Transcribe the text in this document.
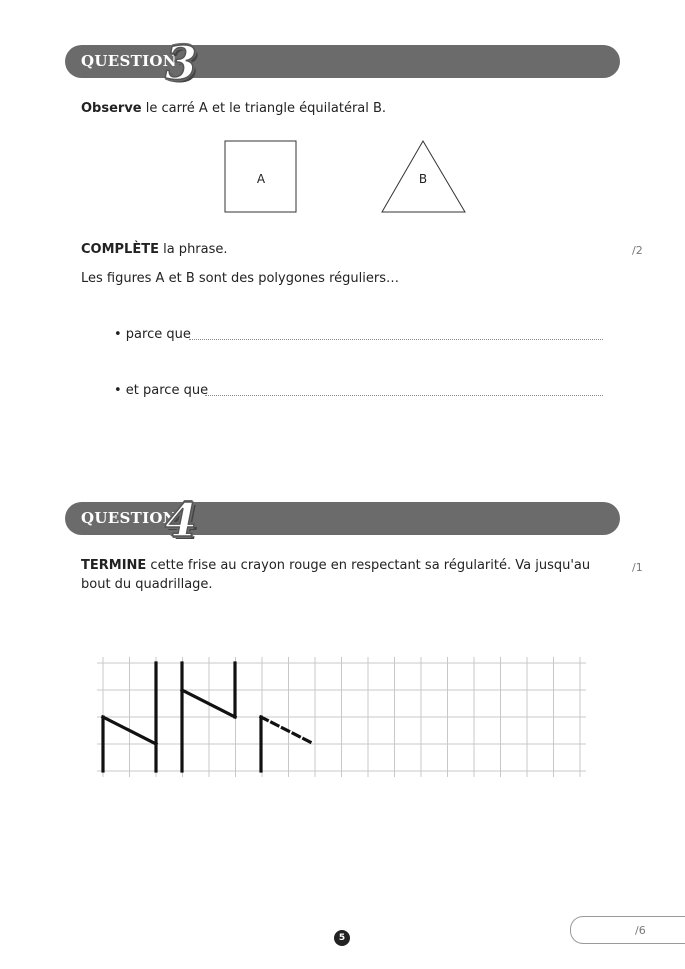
QUESTION
3
Observe le carré A et le triangle équilatéral B.
A	B
COMPLÈTE la phrase.	/2
Les figures A et B sont des polygones réguliers…
• parce que
• et parce que
QUESTION
4
TERMINE cette frise au crayon rouge en respectant sa régularité. Va jusqu'au bout du quadrillage.
/1
5
/6
